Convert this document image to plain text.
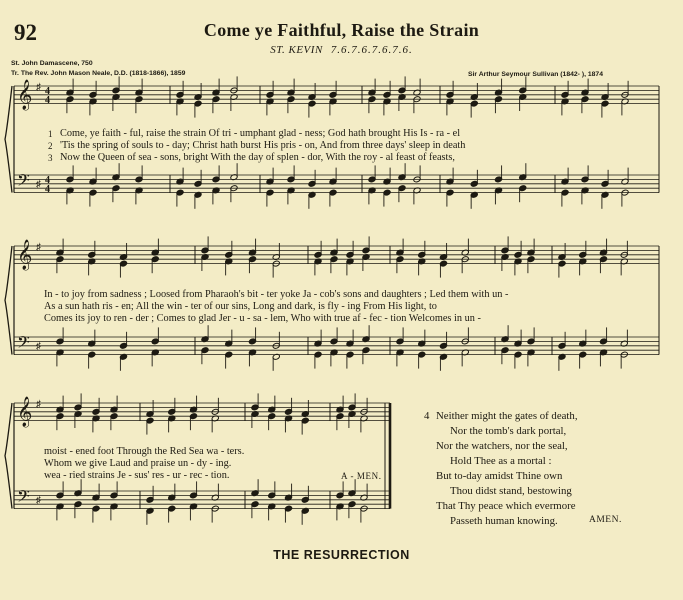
92	Come ye Faithful, Raise the Strain
ST. KEVIN 7.6.7.6.7.6.7.6.
St. John Damascene, 750
Tr. The Rev. John Mason Neale, D.D. (1818-1866), 1859	Sir Arthur Seymour Sullivan (1842- ), 1874
𝄞
𝄢
♯
♯
4
4
4
4
𝄞
𝄢
♯
♯
𝄞
𝄢
♯
♯
1
2
3
Come, ye faith - ful, raise the strain Of tri - umphant glad - ness; God hath brought His Is - ra - el
'Tis the spring of souls to - day; Christ hath burst His pris - on, And from three days' sleep in death
Now the Queen of sea - sons, bright With the day of splen - dor, With the roy - al feast of feasts,
In - to joy from sadness ; Loosed from Pharaoh's bit - ter yoke Ja - cob's sons and daughters ; Led them with un -
As a sun hath ris - en; All the win - ter of our sins, Long and dark, is fly - ing From His light, to
Comes its joy to ren - der ; Comes to glad Jer - u - sa - lem, Who with true af - fec - tion Welcomes in un -
moist - ened foot Through the Red Sea wa - ters.
Whom we give Laud and praise un - dy - ing.
wea - ried strains Je - sus' res - ur - rec - tion.	A - MEN.
4 Neither might the gates of death,
Nor the tomb's dark portal,
Nor the watchers, nor the seal,
Hold Thee as a mortal :
But to-day amidst Thine own
Thou didst stand, bestowing
That Thy peace which evermore
Passeth human knowing.	AMEN.
THE RESURRECTION
